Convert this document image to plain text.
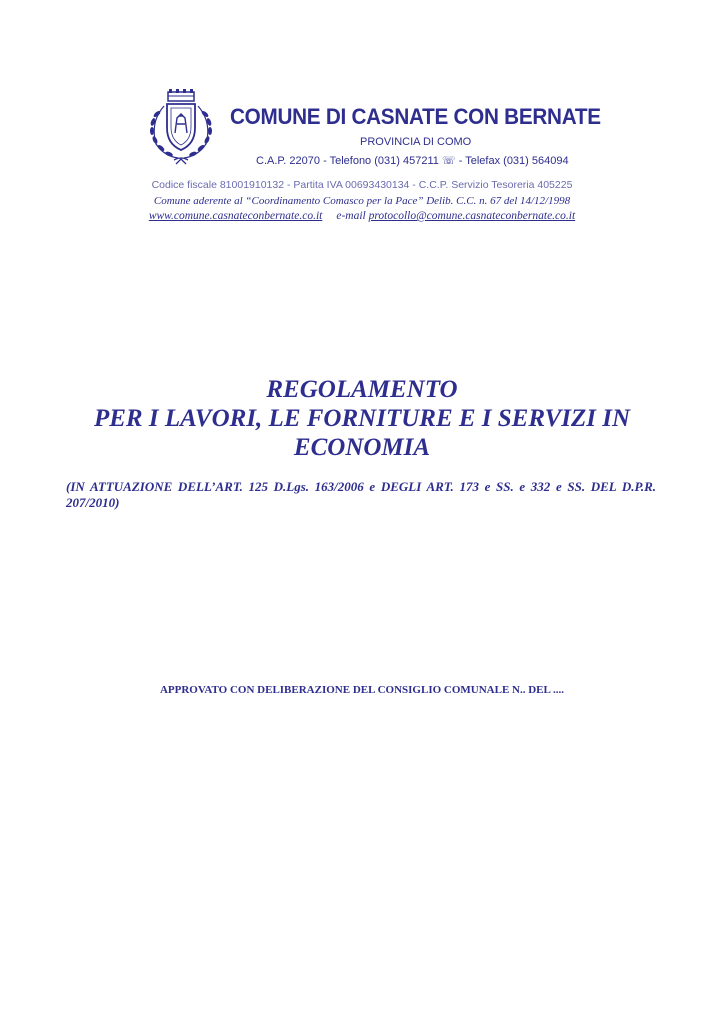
COMUNE DI CASNATE CON BERNATE
PROVINCIA DI COMO
C.A.P. 22070 - Telefono (031) 457211 ☏ - Telefax (031) 564094
Codice fiscale 81001910132 - Partita IVA 00693430134 - C.C.P. Servizio Tesoreria 405225
Comune aderente al “Coordinamento Comasco per la Pace” Delib. C.C. n. 67 del 14/12/1998
www.comune.casnateconbernate.co.it e-mail protocollo@comune.casnateconbernate.co.it
REGOLAMENTO
PER I LAVORI, LE FORNITURE E I SERVIZI IN
ECONOMIA
(IN ATTUAZIONE DELL’ART. 125 D.Lgs. 163/2006 e DEGLI ART. 173 e SS. e 332 e SS. DEL D.P.R. 207/2010)
APPROVATO CON DELIBERAZIONE DEL CONSIGLIO COMUNALE N.. DEL ....
